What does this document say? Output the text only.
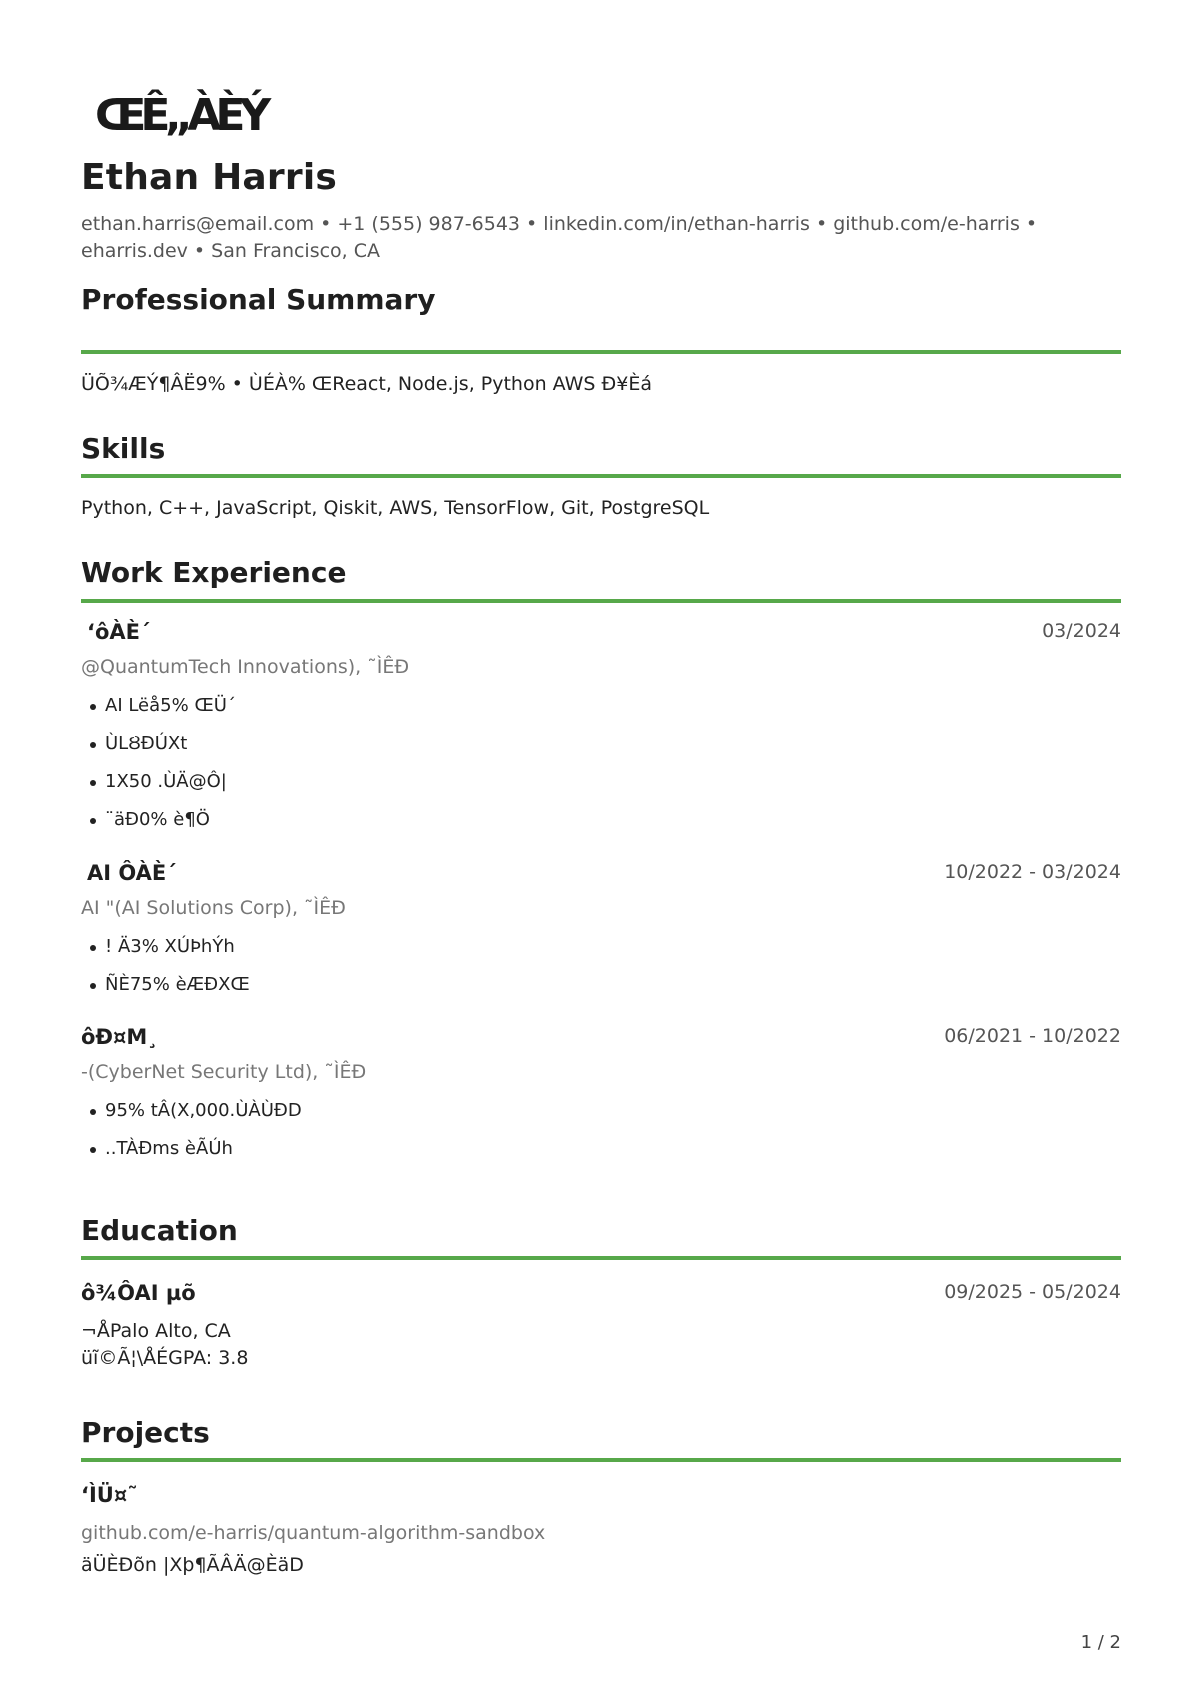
ŒÊ„ÀÈÝ
Ethan Harris
ethan.harris@email.com • +1 (555) 987-6543 • linkedin.com/in/ethan-harris • github.com/e-harris • eharris.dev • San Francisco, CA
Professional Summary
ÜÕ¾ÆÝ¶ÂË9% • ÙÉÀ% ŒReact, Node.js, Python AWS Ð¥Èá
Skills
Python, C++, JavaScript, Qiskit, AWS, TensorFlow, Git, PostgreSQL
Work Experience
‘ôÀÈ´	03/2024
@QuantumTech Innovations), ˜ÌÊÐ
AI Lëå5% ŒÜ´
ÙLȢÐÚXt
1X50 .ÙÄ@Ô|
¨äÐ0% è¶Ö
AI ÔÀÈ´	10/2022 - 03/2024
AI "(AI Solutions Corp), ˜ÌÊÐ
! Ä3% XÚÞhÝh
ÑÈ75% èÆÐXŒ
ôÐ¤M¸	06/2021 - 10/2022
-(CyberNet Security Ltd), ˜ÌÊÐ
95% tÂ(X,000.ÙÀÙÐD
..TÀÐms èÃÚh
Education
ô¾ÔAI µõ	09/2025 - 05/2024
¬ÅPalo Alto, CA
üĩ©Ã¦\ÅÉGPA: 3.8
Projects
‘ÌÜ¤˜
github.com/e-harris/quantum-algorithm-sandbox
äÜÈÐõn |Xþ¶ÃÂÄ@ÈäD
1 / 2
